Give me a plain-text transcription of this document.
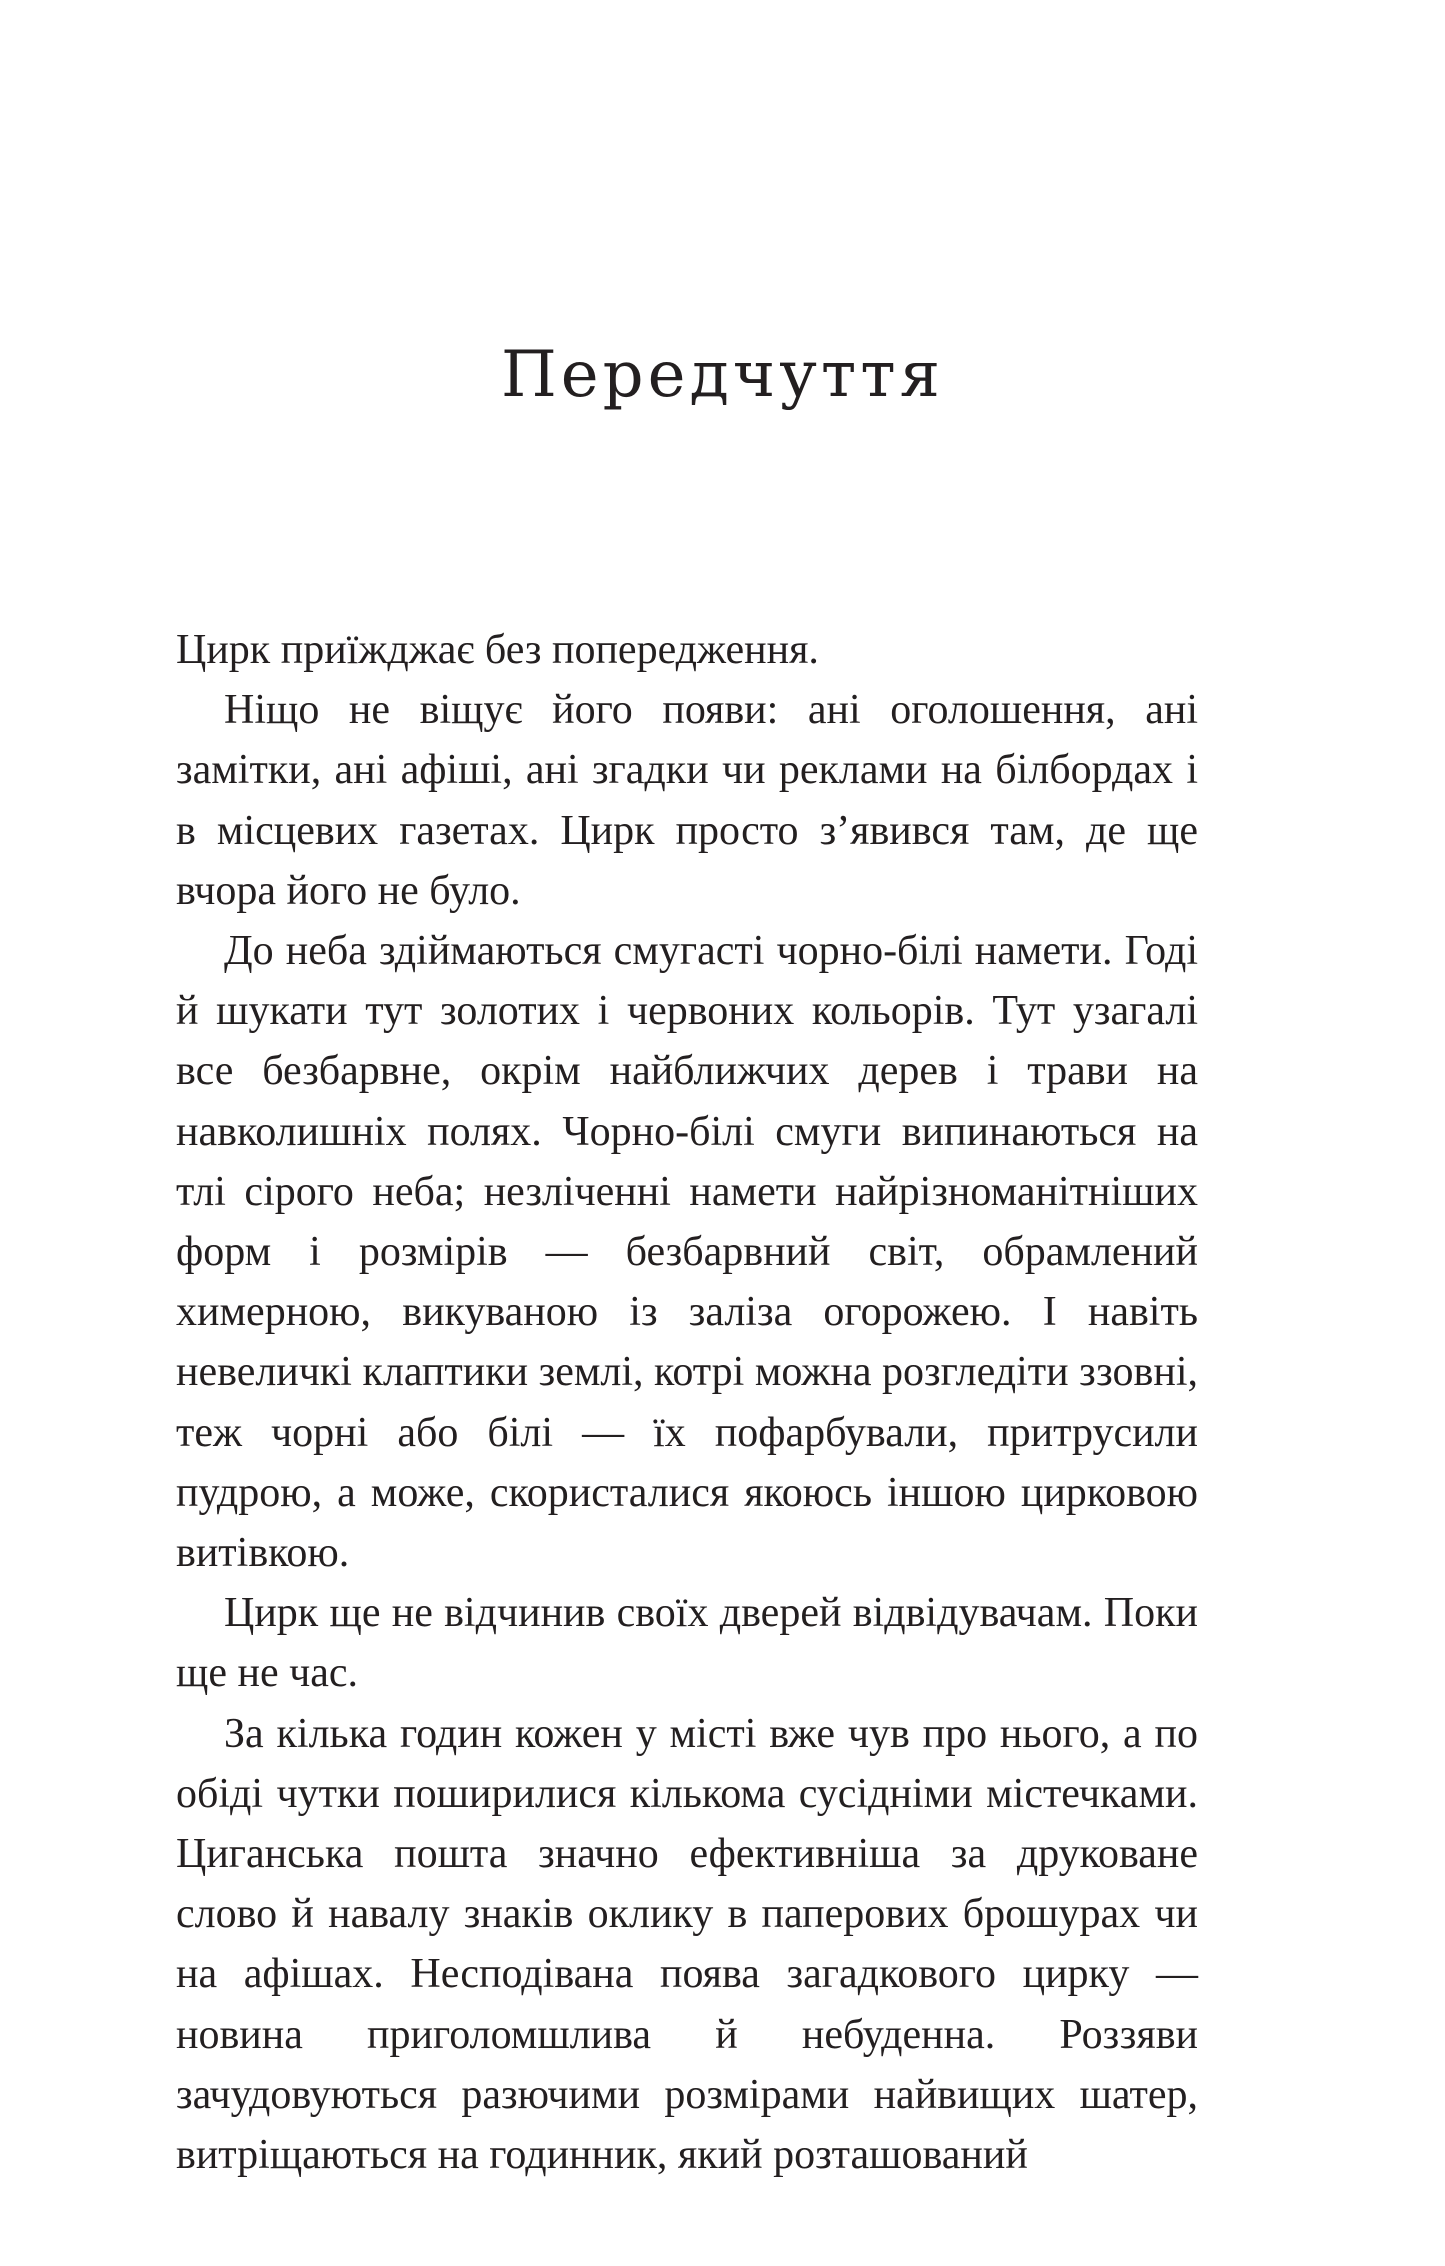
Передчуття

Цирк приїжджає без попередження.

Ніщо не віщує його появи: ані оголошення, ані замітки, ані афіші, ані згадки чи реклами на білбордах і в місцевих газетах. Цирк просто з’явився там, де ще вчора його не було.

До неба здіймаються смугасті чорно-білі намети. Годі й шукати тут золотих і червоних кольорів. Тут узагалі все безбарвне, окрім найближчих дерев і трави на навколишніх полях. Чорно-білі смуги випинаються на тлі сірого неба; незліченні намети найрізноманітніших форм і розмірів — безбарвний світ, обрамлений химерною, викуваною із заліза огорожею. І навіть невеличкі клаптики землі, котрі можна розгледіти ззовні, теж чорні або білі — їх пофарбували, притрусили пудрою, а може, скористалися якоюсь іншою цирковою витівкою.

Цирк ще не відчинив своїх дверей відвідувачам. Поки ще не час.

За кілька годин кожен у місті вже чув про нього, а по обіді чутки поширилися кількома сусідніми містечками. Циганська пошта значно ефективніша за друковане слово й навалу знаків оклику в паперових брошурах чи на афішах. Несподівана поява загадкового цирку — новина приголомшлива й небуденна. Роззяви зачудовуються разючими розмірами найвищих шатер, витріщаються на годинник, який розташований
